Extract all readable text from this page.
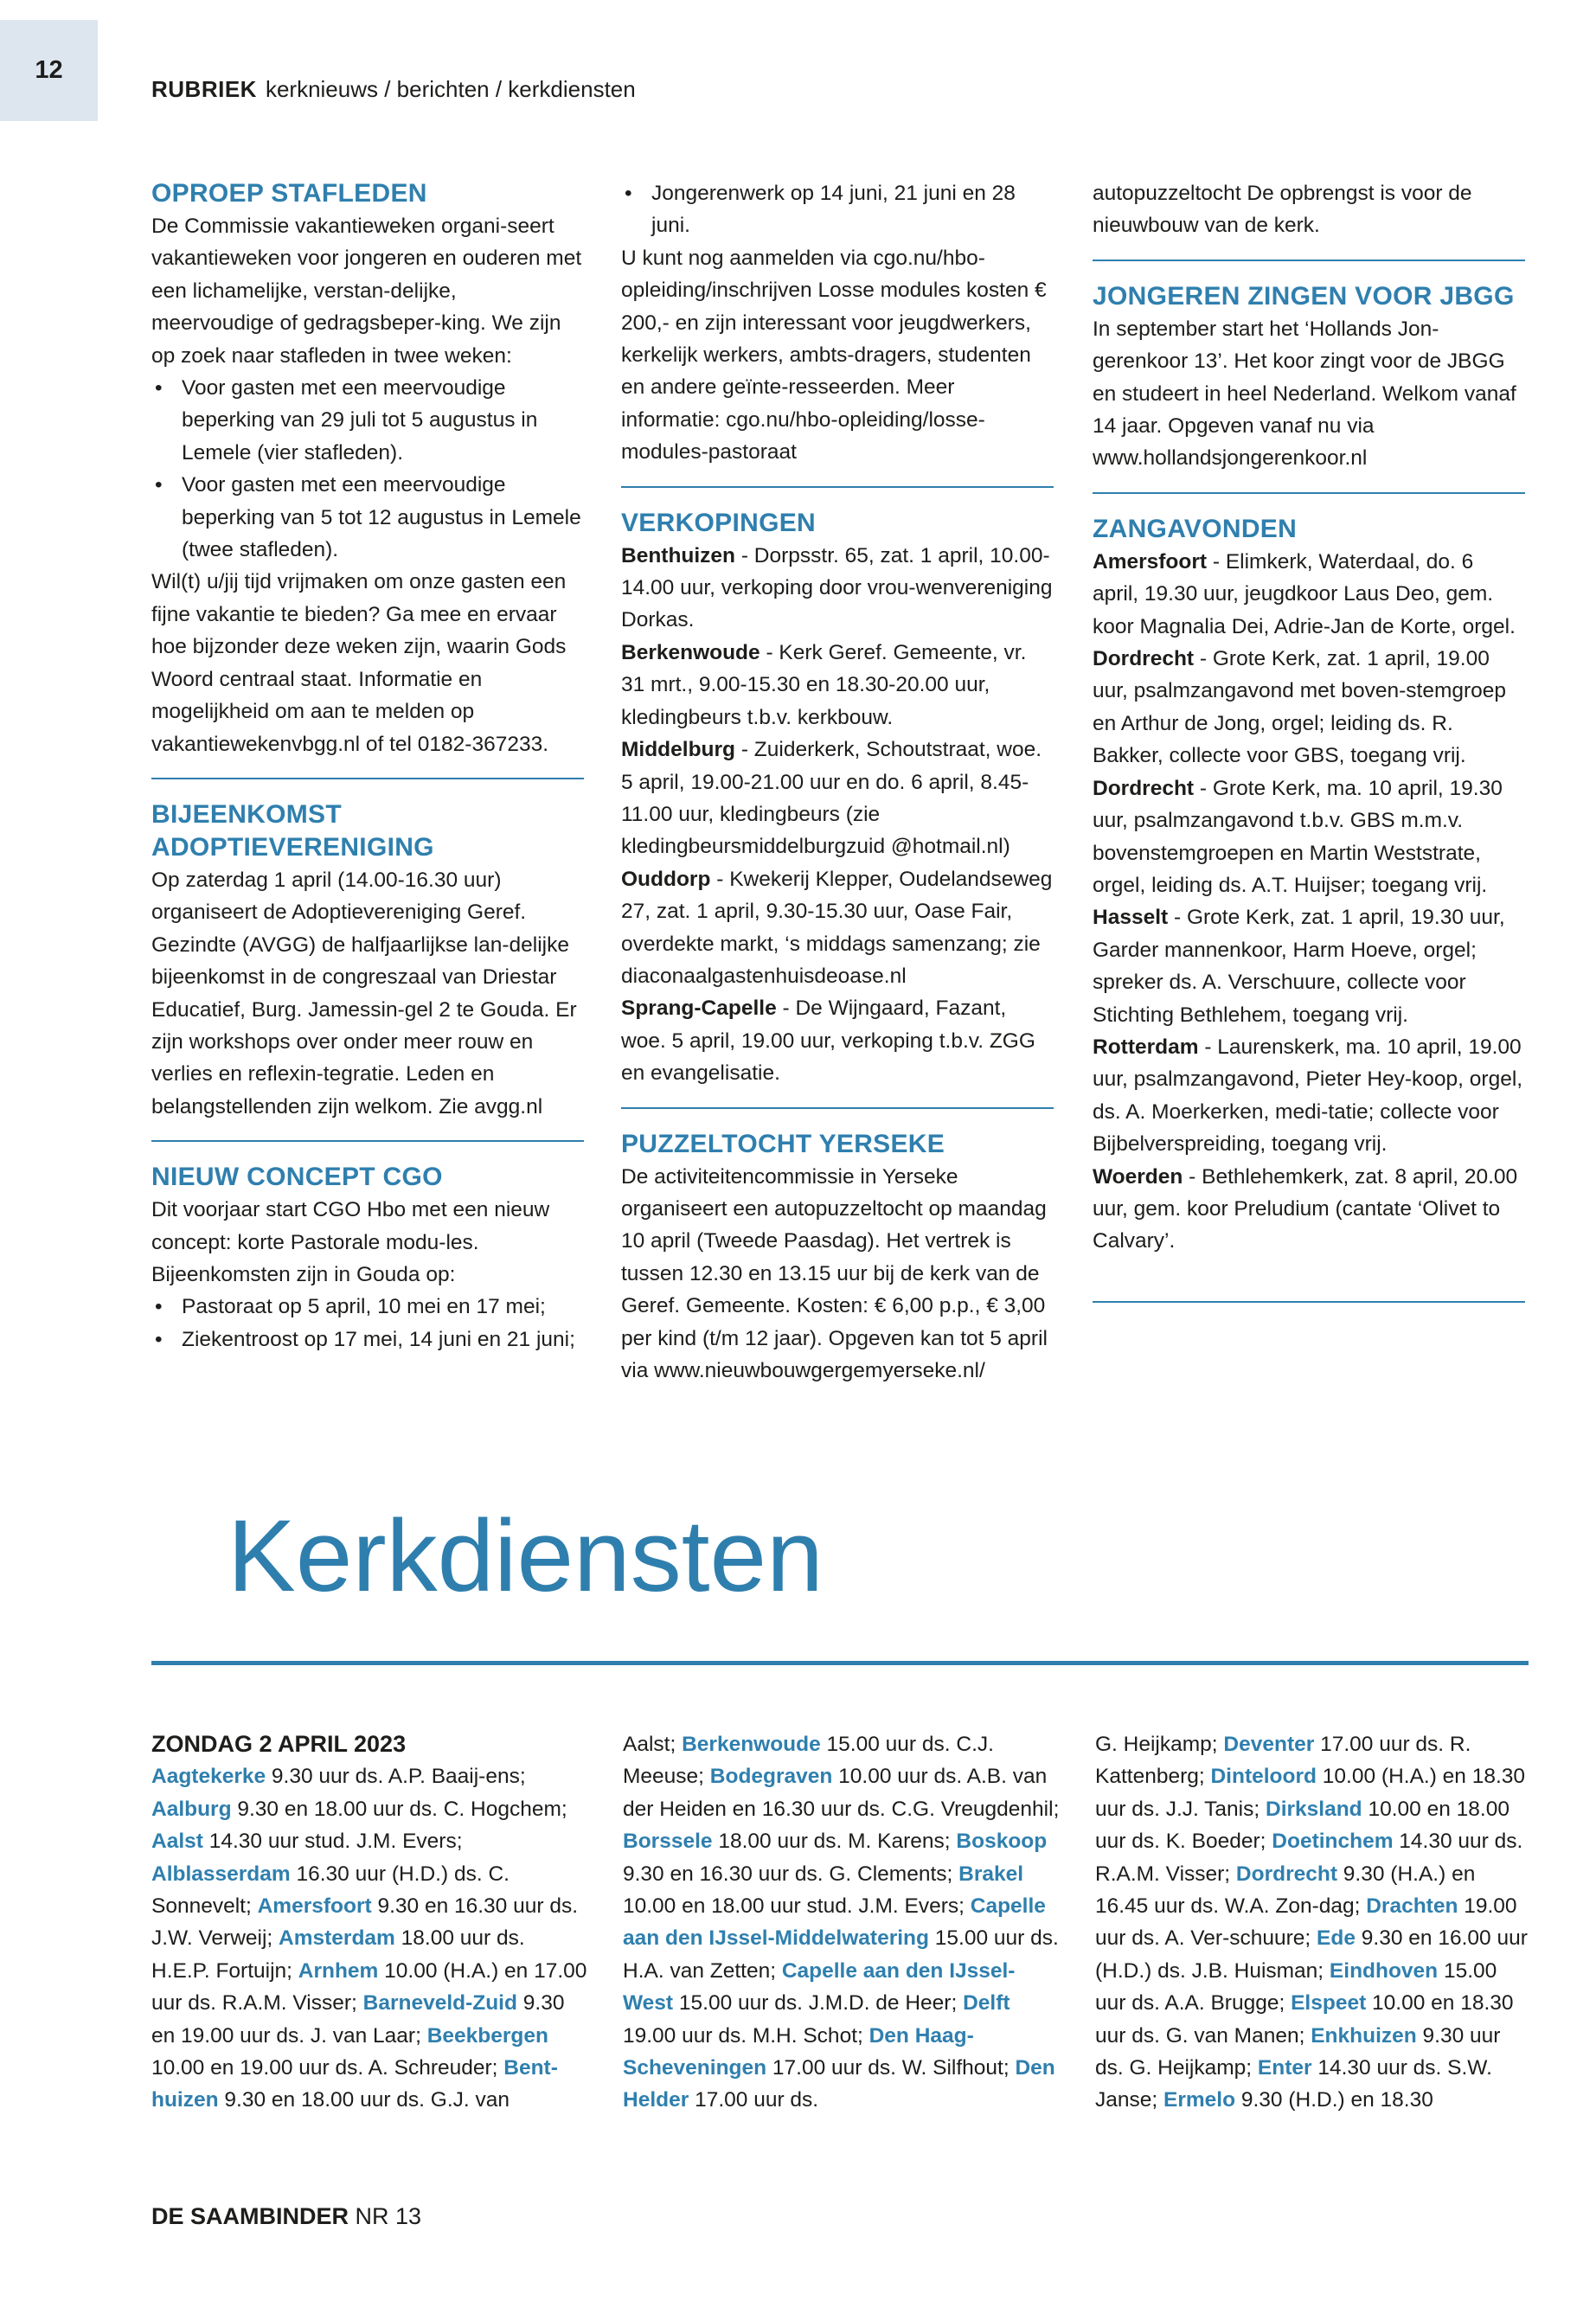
12
RUBRIEK kerknieuws / berichten / kerkdiensten
OPROEP STAFLEDEN

De Commissie vakantieweken organi-seert vakantieweken voor jongeren en ouderen met een lichamelijke, verstan-delijke, meervoudige of gedragsbeper-king. We zijn op zoek naar stafleden in twee weken:

• Voor gasten met een meervoudige beperking van 29 juli tot 5 augustus in Lemele (vier stafleden).
• Voor gasten met een meervoudige beperking van 5 tot 12 augustus in Lemele (twee stafleden).

Wil(t) u/jij tijd vrijmaken om onze gasten een fijne vakantie te bieden? Ga mee en ervaar hoe bijzonder deze weken zijn, waarin Gods Woord centraal staat. Informatie en mogelijkheid om aan te melden op vakantiewekenvbgg.nl of tel 0182-367233.

BIJEENKOMST
ADOPTIEVERENIGING

Op zaterdag 1 april (14.00-16.30 uur) organiseert de Adoptievereniging Geref. Gezindte (AVGG) de halfjaarlijkse lan-delijke bijeenkomst in de congreszaal van Driestar Educatief, Burg. Jamessin-gel 2 te Gouda. Er zijn workshops over onder meer rouw en verlies en reflexin-tegratie. Leden en belangstellenden zijn welkom. Zie avgg.nl

NIEUW CONCEPT CGO

Dit voorjaar start CGO Hbo met een nieuw concept: korte Pastorale modu-les. Bijeenkomsten zijn in Gouda op:

• Pastoraat op 5 april, 10 mei en 17 mei;
• Ziekentroost op 17 mei, 14 juni en 21 juni;
• Jongerenwerk op 14 juni, 21 juni en 28 juni.

U kunt nog aanmelden via cgo.nu/hbo-opleiding/inschrijven Losse modules kosten € 200,- en zijn interessant voor jeugdwerkers, kerkelijk werkers, ambts-dragers, studenten en andere geïnte-resseerden. Meer informatie: cgo.nu/hbo-opleiding/losse-modules-pastoraat

VERKOPINGEN

Benthuizen - Dorpsstr. 65, zat. 1 april, 10.00-14.00 uur, verkoping door vrou-wenvereniging Dorkas.

Berkenwoude - Kerk Geref. Gemeente, vr. 31 mrt., 9.00-15.30 en 18.30-20.00 uur, kledingbeurs t.b.v. kerkbouw.

Middelburg - Zuiderkerk, Schoutstraat, woe. 5 april, 19.00-21.00 uur en do. 6 april, 8.45-11.00 uur, kledingbeurs (zie kledingbeursmiddelburgzuid @hotmail.nl)

Ouddorp - Kwekerij Klepper, Oudelandseweg 27, zat. 1 april, 9.30-15.30 uur, Oase Fair, overdekte markt, ‘s middags samenzang; zie diaconaalgastenhuisdeoase.nl

Sprang-Capelle - De Wijngaard, Fazant, woe. 5 april, 19.00 uur, verkoping t.b.v. ZGG en evangelisatie.

PUZZELTOCHT YERSEKE

De activiteitencommissie in Yerseke organiseert een autopuzzeltocht op maandag 10 april (Tweede Paasdag). Het vertrek is tussen 12.30 en 13.15 uur bij de kerk van de Geref. Gemeente. Kosten: € 6,00 p.p., € 3,00 per kind (t/m 12 jaar). Opgeven kan tot 5 april via www.nieuwbouwgergemyerseke.nl/

autopuzzeltocht De opbrengst is voor de nieuwbouw van de kerk.

JONGEREN ZINGEN VOOR JBGG

In september start het ‘Hollands Jon-gerenkoor 13’. Het koor zingt voor de JBGG en studeert in heel Nederland. Welkom vanaf 14 jaar. Opgeven vanaf nu via www.hollandsjongerenkoor.nl

ZANGAVONDEN

Amersfoort - Elimkerk, Waterdaal, do. 6 april, 19.30 uur, jeugdkoor Laus Deo, gem. koor Magnalia Dei, Adrie-Jan de Korte, orgel.

Dordrecht - Grote Kerk, zat. 1 april, 19.00 uur, psalmzangavond met boven-stemgroep en Arthur de Jong, orgel; leiding ds. R. Bakker, collecte voor GBS, toegang vrij.

Dordrecht - Grote Kerk, ma. 10 april, 19.30 uur, psalmzangavond t.b.v. GBS m.m.v. bovenstemgroepen en Martin Weststrate, orgel, leiding ds. A.T. Huijser; toegang vrij.

Hasselt - Grote Kerk, zat. 1 april, 19.30 uur, Garder mannenkoor, Harm Hoeve, orgel; spreker ds. A. Verschuure, collecte voor Stichting Bethlehem, toegang vrij.

Rotterdam - Laurenskerk, ma. 10 april, 19.00 uur, psalmzangavond, Pieter Hey-koop, orgel, ds. A. Moerkerken, medi-tatie; collecte voor Bijbelverspreiding, toegang vrij.

Woerden - Bethlehemkerk, zat. 8 april, 20.00 uur, gem. koor Preludium (cantate ‘Olivet to Calvary’.

Kerkdiensten
ZONDAG 2 APRIL 2023

Aagtekerke 9.30 uur ds. A.P. Baaij-ens; Aalburg 9.30 en 18.00 uur ds. C. Hogchem; Aalst 14.30 uur stud. J.M. Evers; Alblasserdam 16.30 uur (H.D.) ds. C. Sonnevelt; Amersfoort 9.30 en 16.30 uur ds. J.W. Verweij; Amsterdam 18.00 uur ds. H.E.P. Fortuijn; Arnhem 10.00 (H.A.) en 17.00 uur ds. R.A.M. Visser; Barneveld-Zuid 9.30 en 19.00 uur ds. J. van Laar; Beekbergen 10.00 en 19.00 uur ds. A. Schreuder; Bent-huizen 9.30 en 18.00 uur ds. G.J. van

Aalst; Berkenwoude 15.00 uur ds. C.J. Meeuse; Bodegraven 10.00 uur ds. A.B. van der Heiden en 16.30 uur ds. C.G. Vreugdenhil; Borssele 18.00 uur ds. M. Karens; Boskoop 9.30 en 16.30 uur ds. G. Clements; Brakel 10.00 en 18.00 uur stud. J.M. Evers; Capelle aan den IJssel-Middelwatering 15.00 uur ds. H.A. van Zetten; Capelle aan den IJssel-West 15.00 uur ds. J.M.D. de Heer; Delft 19.00 uur ds. M.H. Schot; Den Haag-Scheveningen 17.00 uur ds. W. Silfhout; Den Helder 17.00 uur ds.

G. Heijkamp; Deventer 17.00 uur ds. R. Kattenberg; Dinteloord 10.00 (H.A.) en 18.30 uur ds. J.J. Tanis; Dirksland 10.00 en 18.00 uur ds. K. Boeder; Doetinchem 14.30 uur ds. R.A.M. Visser; Dordrecht 9.30 (H.A.) en 16.45 uur ds. W.A. Zon-dag; Drachten 19.00 uur ds. A. Ver-schuure; Ede 9.30 en 16.00 uur (H.D.) ds. J.B. Huisman; Eindhoven 15.00 uur ds. A.A. Brugge; Elspeet 10.00 en 18.30 uur ds. G. van Manen; Enkhuizen 9.30 uur ds. G. Heijkamp; Enter 14.30 uur ds. S.W. Janse; Ermelo 9.30 (H.D.) en 18.30

DE SAAMBINDER NR 13
